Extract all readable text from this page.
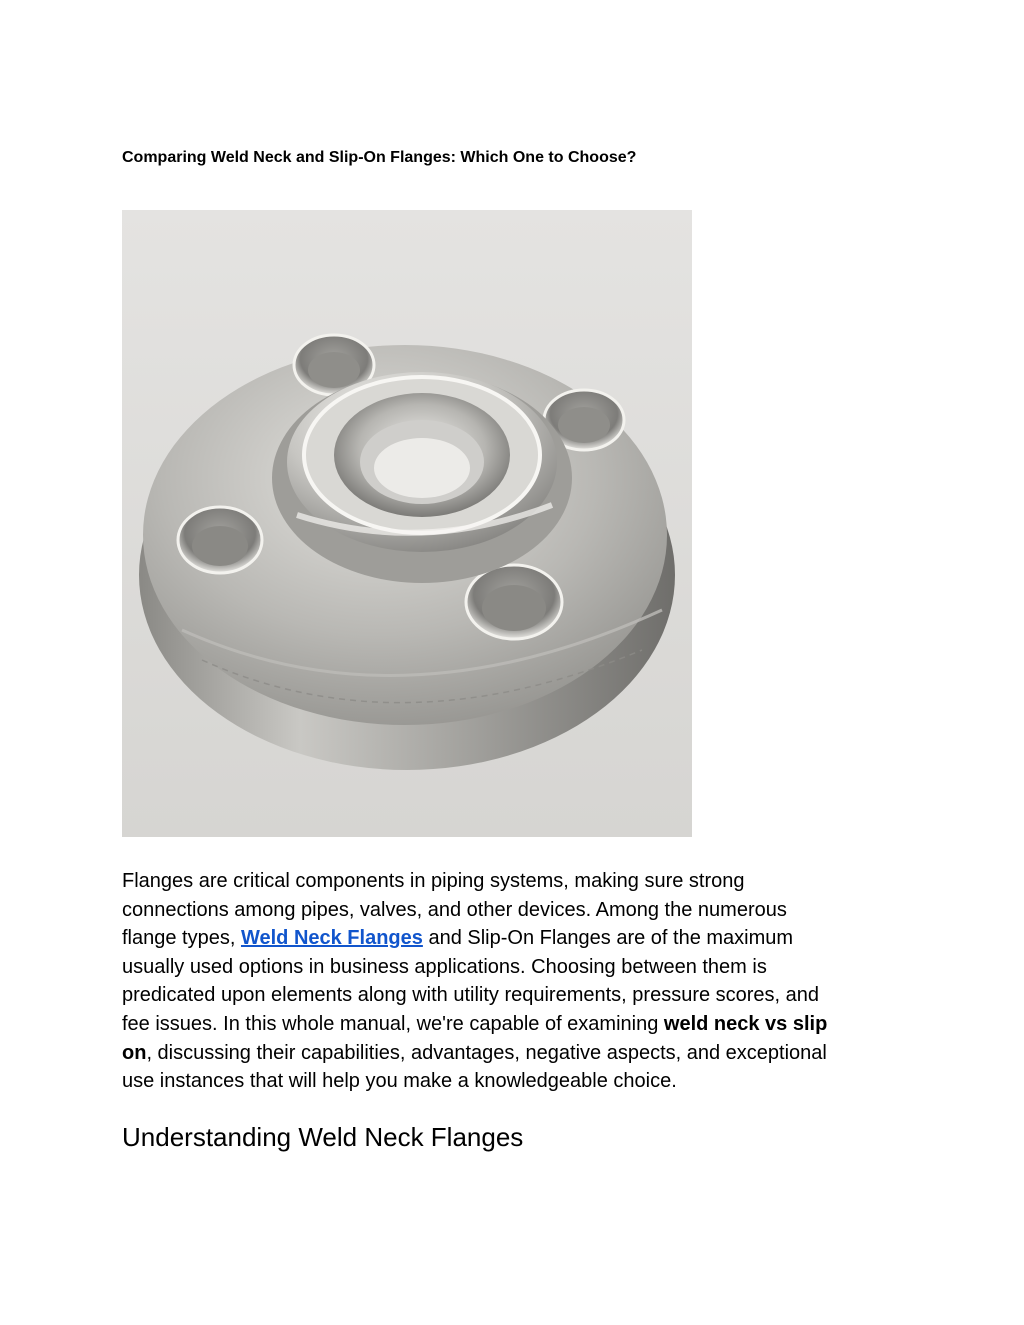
Comparing Weld Neck and Slip-On Flanges: Which One to Choose?

Flanges are critical components in piping systems, making sure strong
connections among pipes, valves, and other devices. Among the numerous
flange types, Weld Neck Flanges and Slip-On Flanges are of the maximum
usually used options in business applications. Choosing between them is
predicated upon elements along with utility requirements, pressure scores, and
fee issues. In this whole manual, we're capable of examining weld neck vs slip
on, discussing their capabilities, advantages, negative aspects, and exceptional
use instances that will help you make a knowledgeable choice.

Understanding Weld Neck Flanges
